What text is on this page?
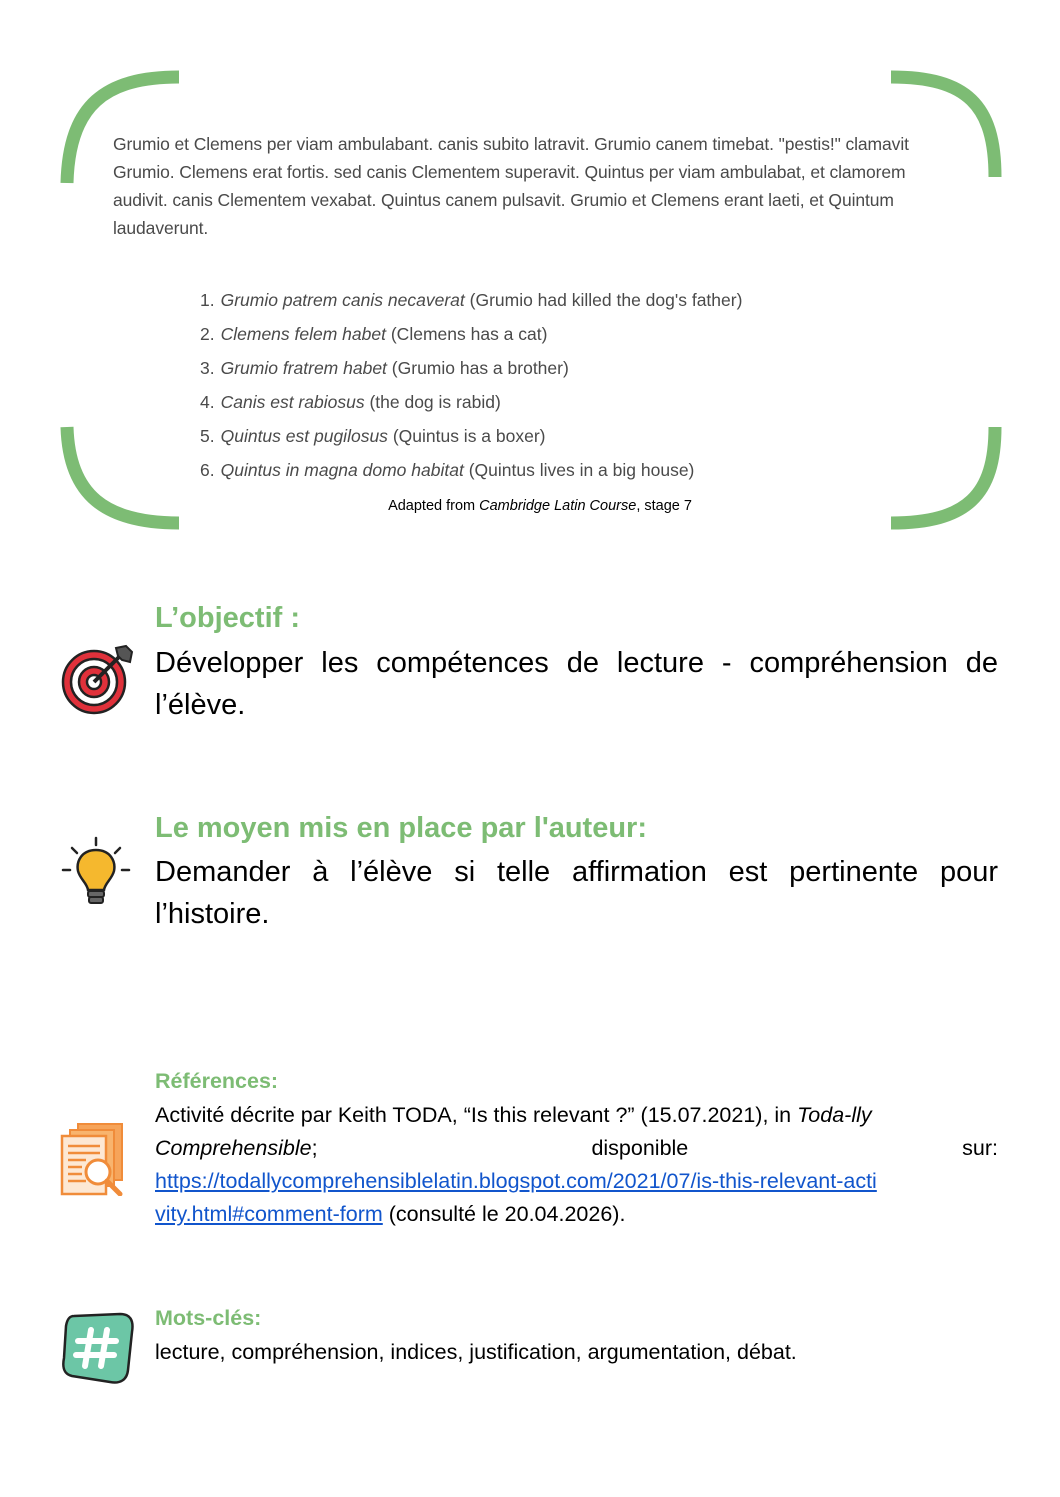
Grumio et Clemens per viam ambulabant. canis subito latravit. Grumio canem timebat. "pestis!" clamavit Grumio. Clemens erat fortis. sed canis Clementem superavit. Quintus per viam ambulabat, et clamorem audivit. canis Clementem vexabat. Quintus canem pulsavit. Grumio et Clemens erant laeti, et Quintum laudaverunt.
1. Grumio patrem canis necaverat (Grumio had killed the dog's father)
2. Clemens felem habet (Clemens has a cat)
3. Grumio fratrem habet (Grumio has a brother)
4. Canis est rabiosus (the dog is rabid)
5. Quintus est pugilosus (Quintus is a boxer)
6. Quintus in magna domo habitat (Quintus lives in a big house)
Adapted from Cambridge Latin Course, stage 7
L’objectif :
Développer les compétences de lecture - compréhension de l’élève.
Le moyen mis en place par l'auteur:
Demander à l’élève si telle affirmation est pertinente pour l’histoire.
Références:
Activité décrite par Keith TODA, “Is this relevant ?” (15.07.2021), in Toda-lly
Comprehensible;	disponible	sur:
https://todallycomprehensiblelatin.blogspot.com/2021/07/is-this-relevant-acti
vity.html#comment-form (consulté le 20.04.2026).
Mots-clés:
lecture, compréhension, indices, justification, argumentation, débat.
